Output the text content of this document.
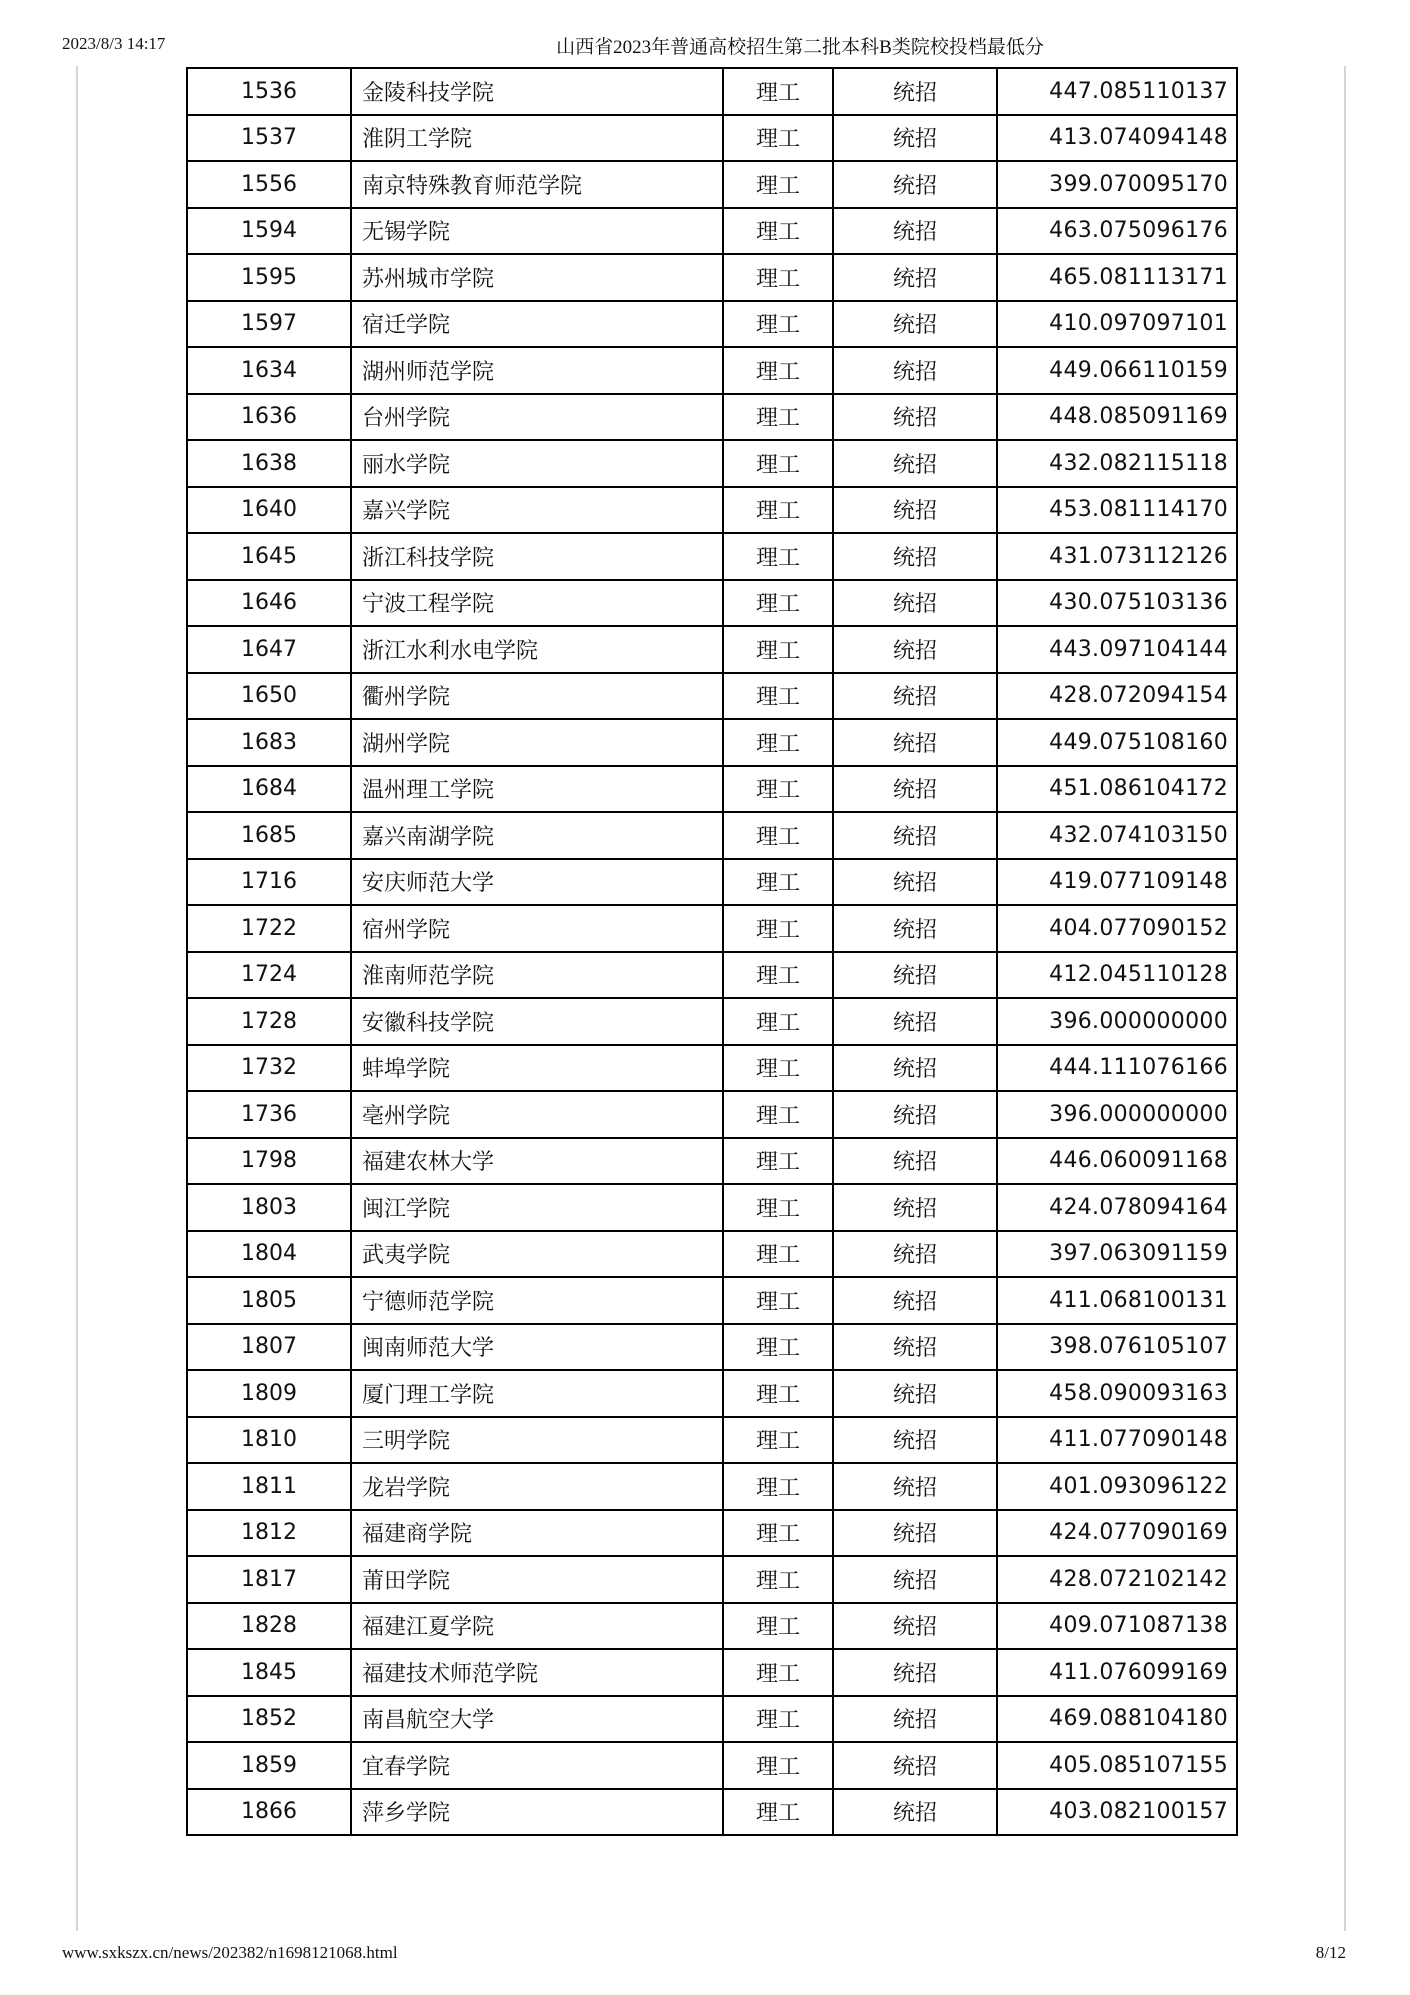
2023/8/3 14:17	山西省2023年普通高校招生第二批本科B类院校投档最低分
1536	金陵科技学院	理工	统招	447.085110137
1537	淮阴工学院	理工	统招	413.074094148
1556	南京特殊教育师范学院	理工	统招	399.070095170
1594	无锡学院	理工	统招	463.075096176
1595	苏州城市学院	理工	统招	465.081113171
1597	宿迁学院	理工	统招	410.097097101
1634	湖州师范学院	理工	统招	449.066110159
1636	台州学院	理工	统招	448.085091169
1638	丽水学院	理工	统招	432.082115118
1640	嘉兴学院	理工	统招	453.081114170
1645	浙江科技学院	理工	统招	431.073112126
1646	宁波工程学院	理工	统招	430.075103136
1647	浙江水利水电学院	理工	统招	443.097104144
1650	衢州学院	理工	统招	428.072094154
1683	湖州学院	理工	统招	449.075108160
1684	温州理工学院	理工	统招	451.086104172
1685	嘉兴南湖学院	理工	统招	432.074103150
1716	安庆师范大学	理工	统招	419.077109148
1722	宿州学院	理工	统招	404.077090152
1724	淮南师范学院	理工	统招	412.045110128
1728	安徽科技学院	理工	统招	396.000000000
1732	蚌埠学院	理工	统招	444.111076166
1736	亳州学院	理工	统招	396.000000000
1798	福建农林大学	理工	统招	446.060091168
1803	闽江学院	理工	统招	424.078094164
1804	武夷学院	理工	统招	397.063091159
1805	宁德师范学院	理工	统招	411.068100131
1807	闽南师范大学	理工	统招	398.076105107
1809	厦门理工学院	理工	统招	458.090093163
1810	三明学院	理工	统招	411.077090148
1811	龙岩学院	理工	统招	401.093096122
1812	福建商学院	理工	统招	424.077090169
1817	莆田学院	理工	统招	428.072102142
1828	福建江夏学院	理工	统招	409.071087138
1845	福建技术师范学院	理工	统招	411.076099169
1852	南昌航空大学	理工	统招	469.088104180
1859	宜春学院	理工	统招	405.085107155
1866	萍乡学院	理工	统招	403.082100157
www.sxkszx.cn/news/202382/n1698121068.html	8/12
